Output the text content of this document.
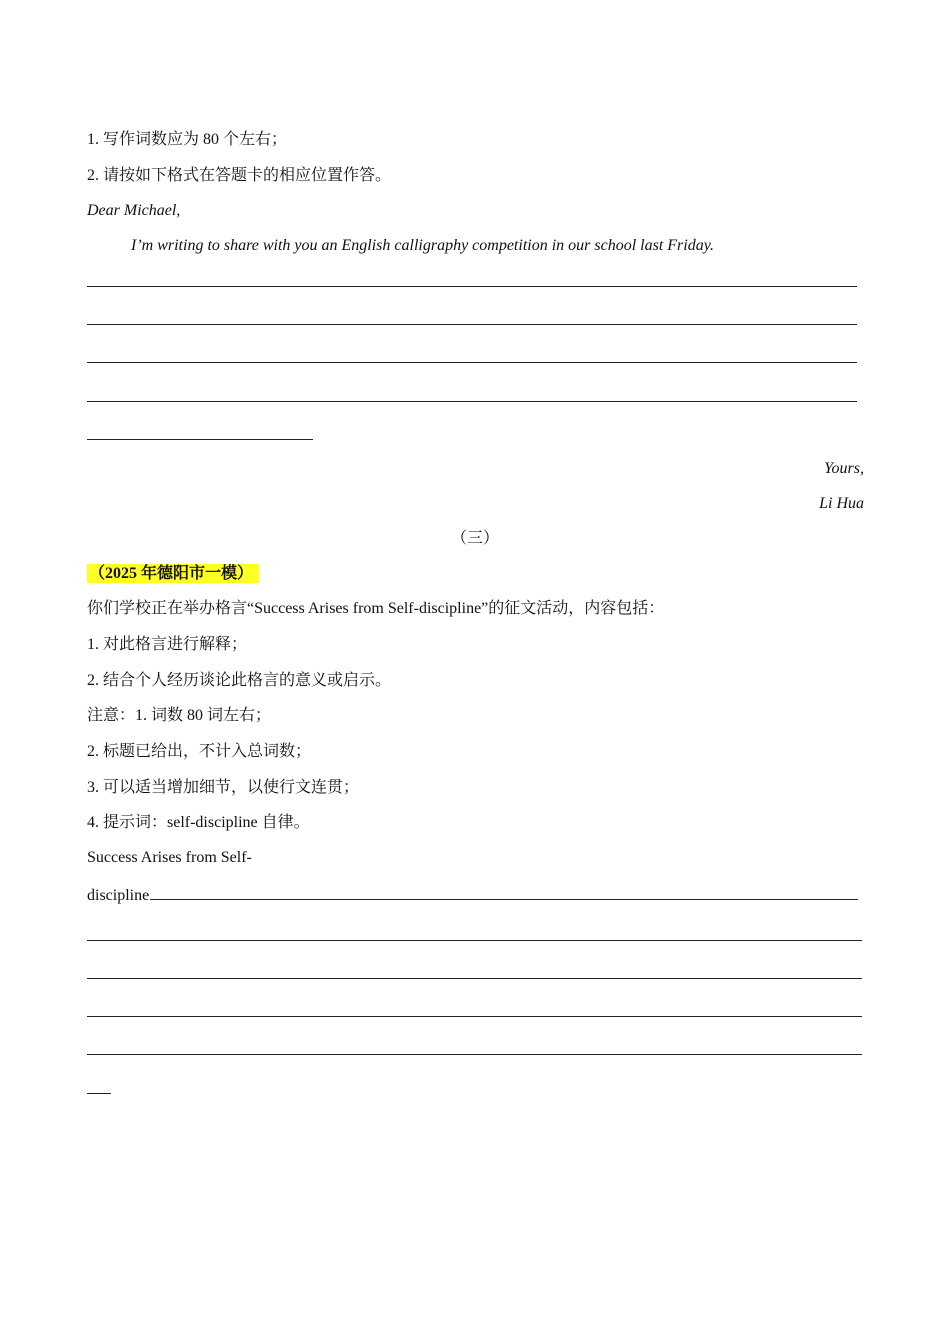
1. 写作词数应为 80 个左右；
2. 请按如下格式在答题卡的相应位置作答。
Dear Michael,
I’m writing to share with you an English calligraphy competition in our school last Friday.
Yours,
Li Hua
（三）
（2025 年德阳市一模）
你们学校正在举办格言“Success Arises from Self-discipline”的征文活动，内容包括：
1. 对此格言进行解释；
2. 结合个人经历谈论此格言的意义或启示。
注意：1. 词数 80 词左右；
2. 标题已给出，不计入总词数；
3. 可以适当增加细节，以使行文连贯；
4. 提示词：self-discipline 自律。
Success Arises from Self-
discipline
